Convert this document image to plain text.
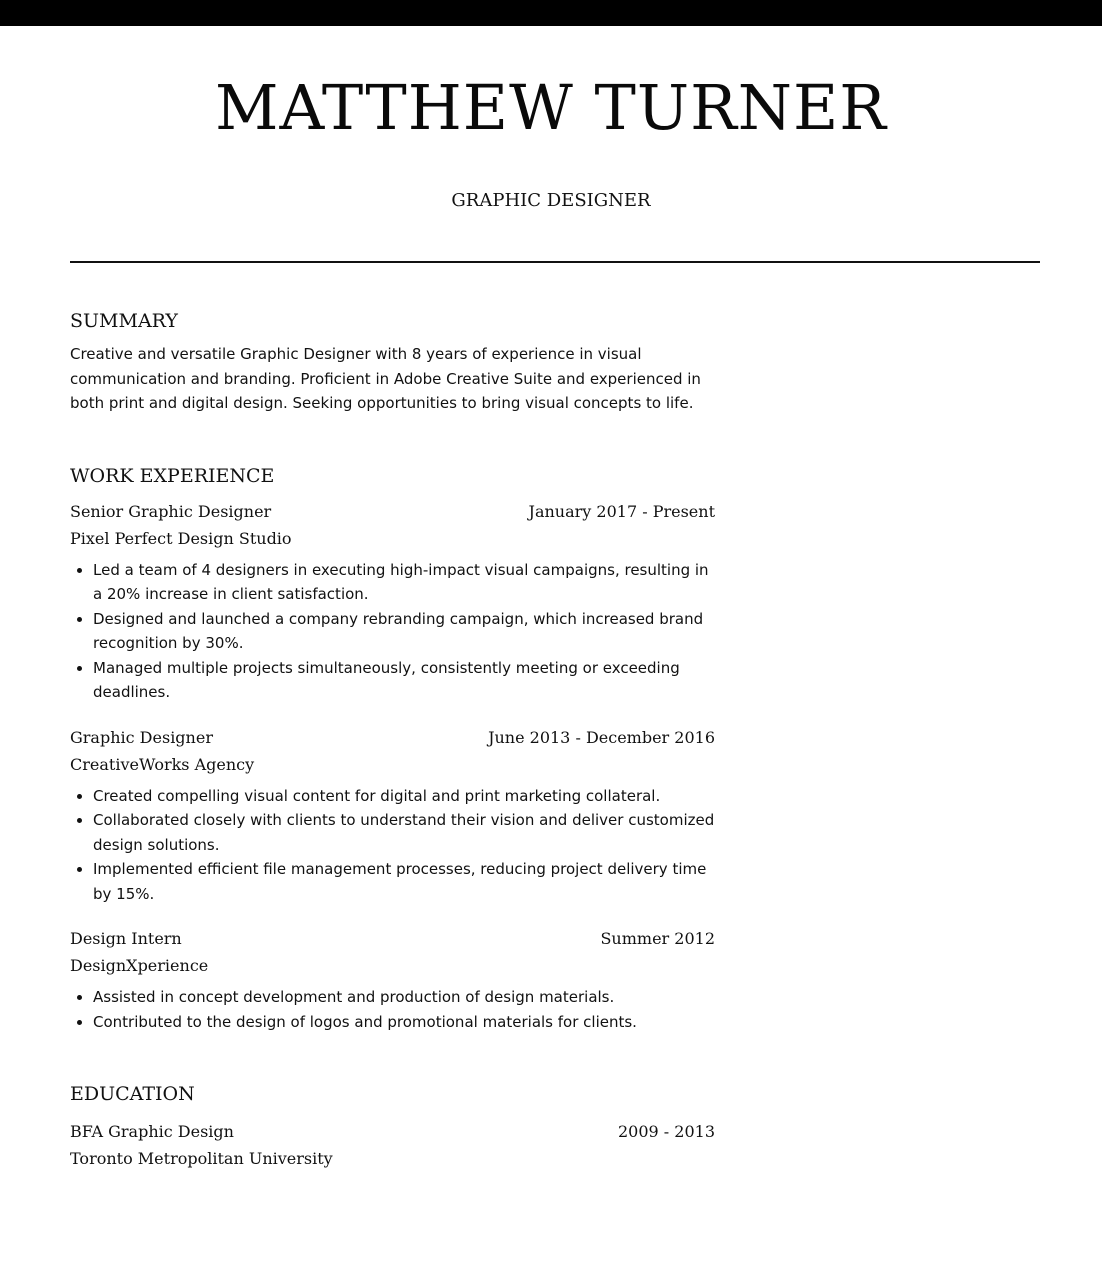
MATTHEW TURNER
GRAPHIC DESIGNER
SUMMARY

Creative and versatile Graphic Designer with 8 years of experience in visual communication and branding. Proficient in Adobe Creative Suite and experienced in both print and digital design. Seeking opportunities to bring visual concepts to life.

WORK EXPERIENCE
Senior Graphic Designer	January 2017 - Present
Pixel Perfect Design Studio
• Led a team of 4 designers in executing high-impact visual campaigns, resulting in a 20% increase in client satisfaction.
• Designed and launched a company rebranding campaign, which increased brand recognition by 30%.
• Managed multiple projects simultaneously, consistently meeting or exceeding deadlines.
Graphic Designer	June 2013 - December 2016
CreativeWorks Agency
• Created compelling visual content for digital and print marketing collateral.
• Collaborated closely with clients to understand their vision and deliver customized design solutions.
• Implemented efficient file management processes, reducing project delivery time by 15%.
Design Intern	Summer 2012
DesignXperience
• Assisted in concept development and production of design materials.
• Contributed to the design of logos and promotional materials for clients.
EDUCATION
BFA Graphic Design	2009 - 2013
Toronto Metropolitan University
